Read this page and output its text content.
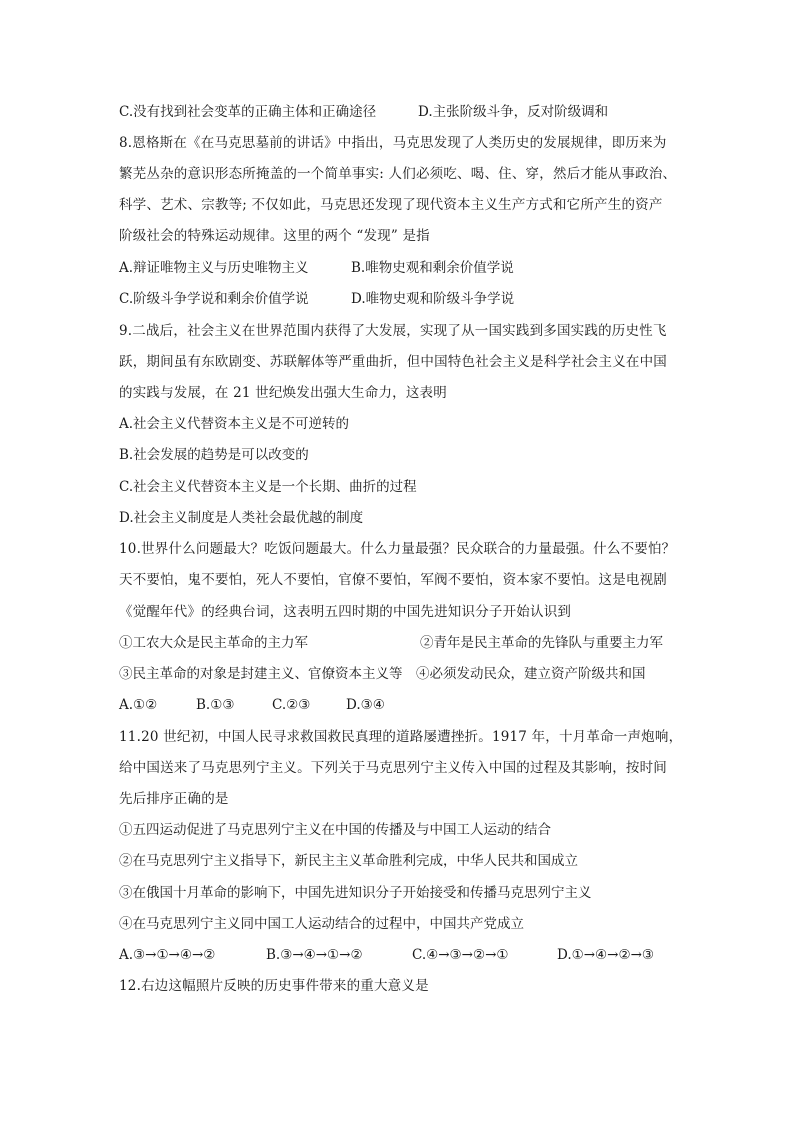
C.没有找到社会变革的正确主体和正确途径	D.主张阶级斗争，反对阶级调和
8.恩格斯在《在马克思墓前的讲话》中指出，马克思发现了人类历史的发展规律，即历来为
繁芜丛杂的意识形态所掩盖的一个简单事实: 人们必须吃、喝、住、穿，然后才能从事政治、
科学、艺术、宗教等; 不仅如此，马克思还发现了现代资本主义生产方式和它所产生的资产
阶级社会的特殊运动规律。这里的两个 “发现” 是指
A.辩证唯物主义与历史唯物主义	B.唯物史观和剩余价值学说
C.阶级斗争学说和剩余价值学说	D.唯物史观和阶级斗争学说
9.二战后，社会主义在世界范围内获得了大发展，实现了从一国实践到多国实践的历史性飞
跃，期间虽有东欧剧变、苏联解体等严重曲折，但中国特色社会主义是科学社会主义在中国
的实践与发展，在 21 世纪焕发出强大生命力，这表明
A.社会主义代替资本主义是不可逆转的
B.社会发展的趋势是可以改变的
C.社会主义代替资本主义是一个长期、曲折的过程
D.社会主义制度是人类社会最优越的制度
10.世界什么问题最大？吃饭问题最大。什么力量最强？民众联合的力量最强。什么不要怕？
天不要怕，鬼不要怕，死人不要怕，官僚不要怕，军阀不要怕，资本家不要怕。这是电视剧
《觉醒年代》的经典台词，这表明五四时期的中国先进知识分子开始认识到
①工农大众是民主革命的主力军	②青年是民主革命的先锋队与重要主力军
③民主革命的对象是封建主义、官僚资本主义等 ④必须发动民众，建立资产阶级共和国
A.①②	B.①③	C.②③	D.③④
11.20 世纪初，中国人民寻求救国救民真理的道路屡遭挫折。1917 年，十月革命一声炮响，
给中国送来了马克思列宁主义。下列关于马克思列宁主义传入中国的过程及其影响，按时间
先后排序正确的是
①五四运动促进了马克思列宁主义在中国的传播及与中国工人运动的结合
②在马克思列宁主义指导下，新民主主义革命胜利完成，中华人民共和国成立
③在俄国十月革命的影响下，中国先进知识分子开始接受和传播马克思列宁主义
④在马克思列宁主义同中国工人运动结合的过程中，中国共产党成立
A.③→①→④→②	B.③→④→①→②	C.④→③→②→①	D.①→④→②→③
12.右边这幅照片反映的历史事件带来的重大意义是
